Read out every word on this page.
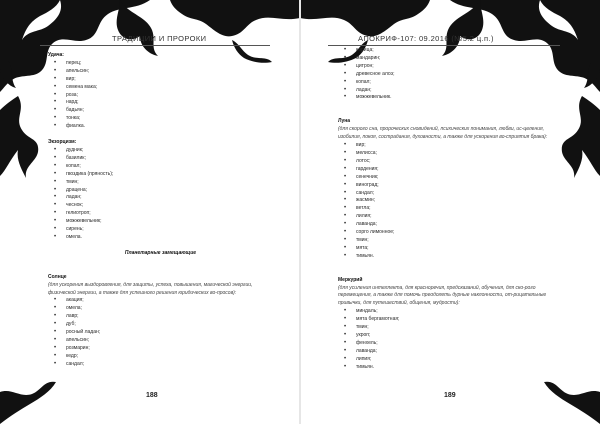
ТРАДИЦИИ И ПРОРОКИ
Удача:
• перец;
• апельсин;
• вир;
• семена мака;
• роза;
• нард;
• бадьян;
• тонка;
• фиалка.
Экзорцизм:
• дудник;
• базилик;
• копал;
• гвоздика (пряность);
• тмин;
• драцена;
• ладан;
• чеснок;
• гелиотроп;
• можжевельник;
• сирень;
• омела.
Планетарные замещающие
Солнце
(для ускорения выздоровления, для защиты, успеха, повышения, магической энергии, физической энергии, а также для успешного решения юридических во-просов):
• акация;
• омела;
• лавр;
• дуб;
• росный ладан;
• апельсин;
• розмарин;
• кедр;
• сандал;
188
АПОКРИФ-107: 09.2016 (№5.2 ц.п.)
• корица;
• мандарин;
• цитрон;
• древесное алоэ;
• копал;
• ладан;
• можжевельник.
Луна
(для скорого сна, пророческих сновидений, психических понимания, любви, ис-целения, изобилия, покоя, сострадания, духовности, а также для ускорения во-сприятия брака):
• вир;
• мелисса;
• лотос;
• гардения;
• сенечник;
• виноград;
• сандал;
• жасмин;
• ветла;
• лилия;
• лаванда;
• сорго лимонное;
• тмин;
• мята;
• тимьян.
Меркурий
(для усиления интеллекта, для красноречия, предсказаний, обучения, для ско-рого перемещения, а также для помочь преодолеть дурные наклонности, от-рицательные привычки, для путешествий, общения, мудрости):
• миндаль;
• мята бергамотная;
• тмин;
• укроп;
• фенхель;
• лаванда;
• липия;
• тимьян.
189
